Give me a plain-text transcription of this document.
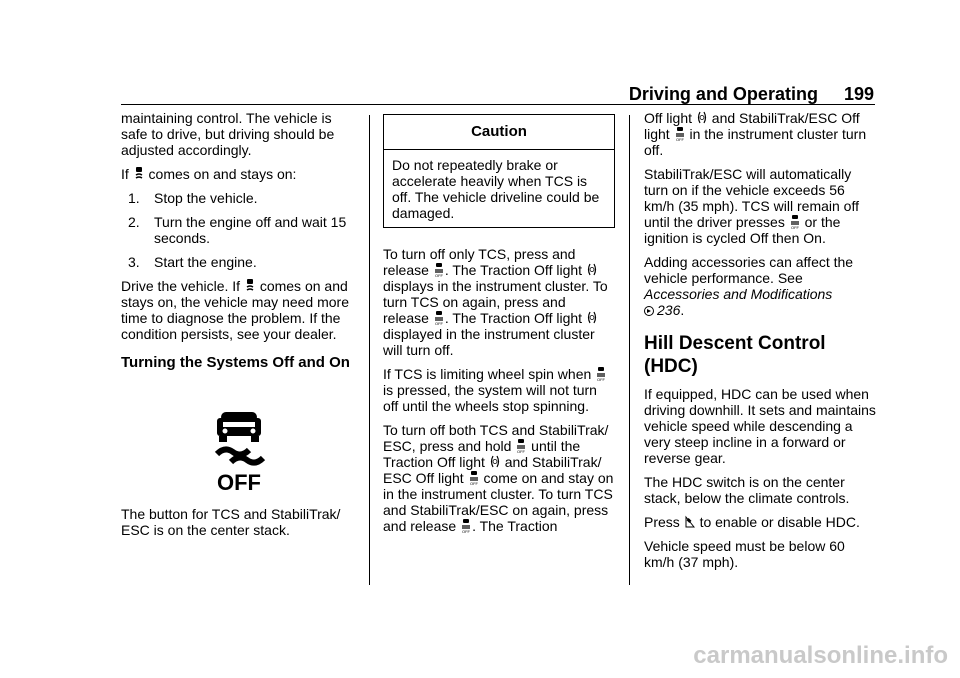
Driving and Operating 199

maintaining control. The vehicle is safe to drive, but driving should be adjusted accordingly.

If
comes on and stays on:

1. Stop the vehicle.
2. Turn the engine off and wait 15 seconds.
3. Start the engine.

Drive the vehicle. If
comes on and stays on, the vehicle may need more time to diagnose the problem. If the condition persists, see your dealer.

Turning the Systems Off and On
OFF

The button for TCS and StabiliTrak/ ESC is on the center stack.

Caution
Do not repeatedly brake or accelerate heavily when TCS is off. The vehicle driveline could be damaged.

To turn off only TCS, press and release OFF . The Traction Off light
displays in the instrument cluster. To turn TCS on again, press and release OFF . The Traction Off light
displayed in the instrument cluster will turn off.

If TCS is limiting wheel spin when OFF
is pressed, the system will not turn off until the wheels stop spinning.

To turn off both TCS and StabiliTrak/ ESC, press and hold OFF until the Traction Off light
and StabiliTrak/ ESC Off light OFF come on and stay on in the instrument cluster. To turn TCS and StabiliTrak/ESC on again, press and release OFF . The Traction

Off light
and StabiliTrak/ESC Off light OFF in the instrument cluster turn off.

StabiliTrak/ESC will automatically turn on if the vehicle exceeds 56 km/h (35 mph). TCS will remain off until the driver presses OFF or the ignition is cycled Off then On.

Adding accessories can affect the vehicle performance. See Accessories and Modifications
236.

Hill Descent Control (HDC)

If equipped, HDC can be used when driving downhill. It sets and maintains vehicle speed while descending a very steep incline in a forward or reverse gear.

The HDC switch is on the center stack, below the climate controls.

Press
to enable or disable HDC.

Vehicle speed must be below 60 km/h (37 mph).

carmanualsonline.info
